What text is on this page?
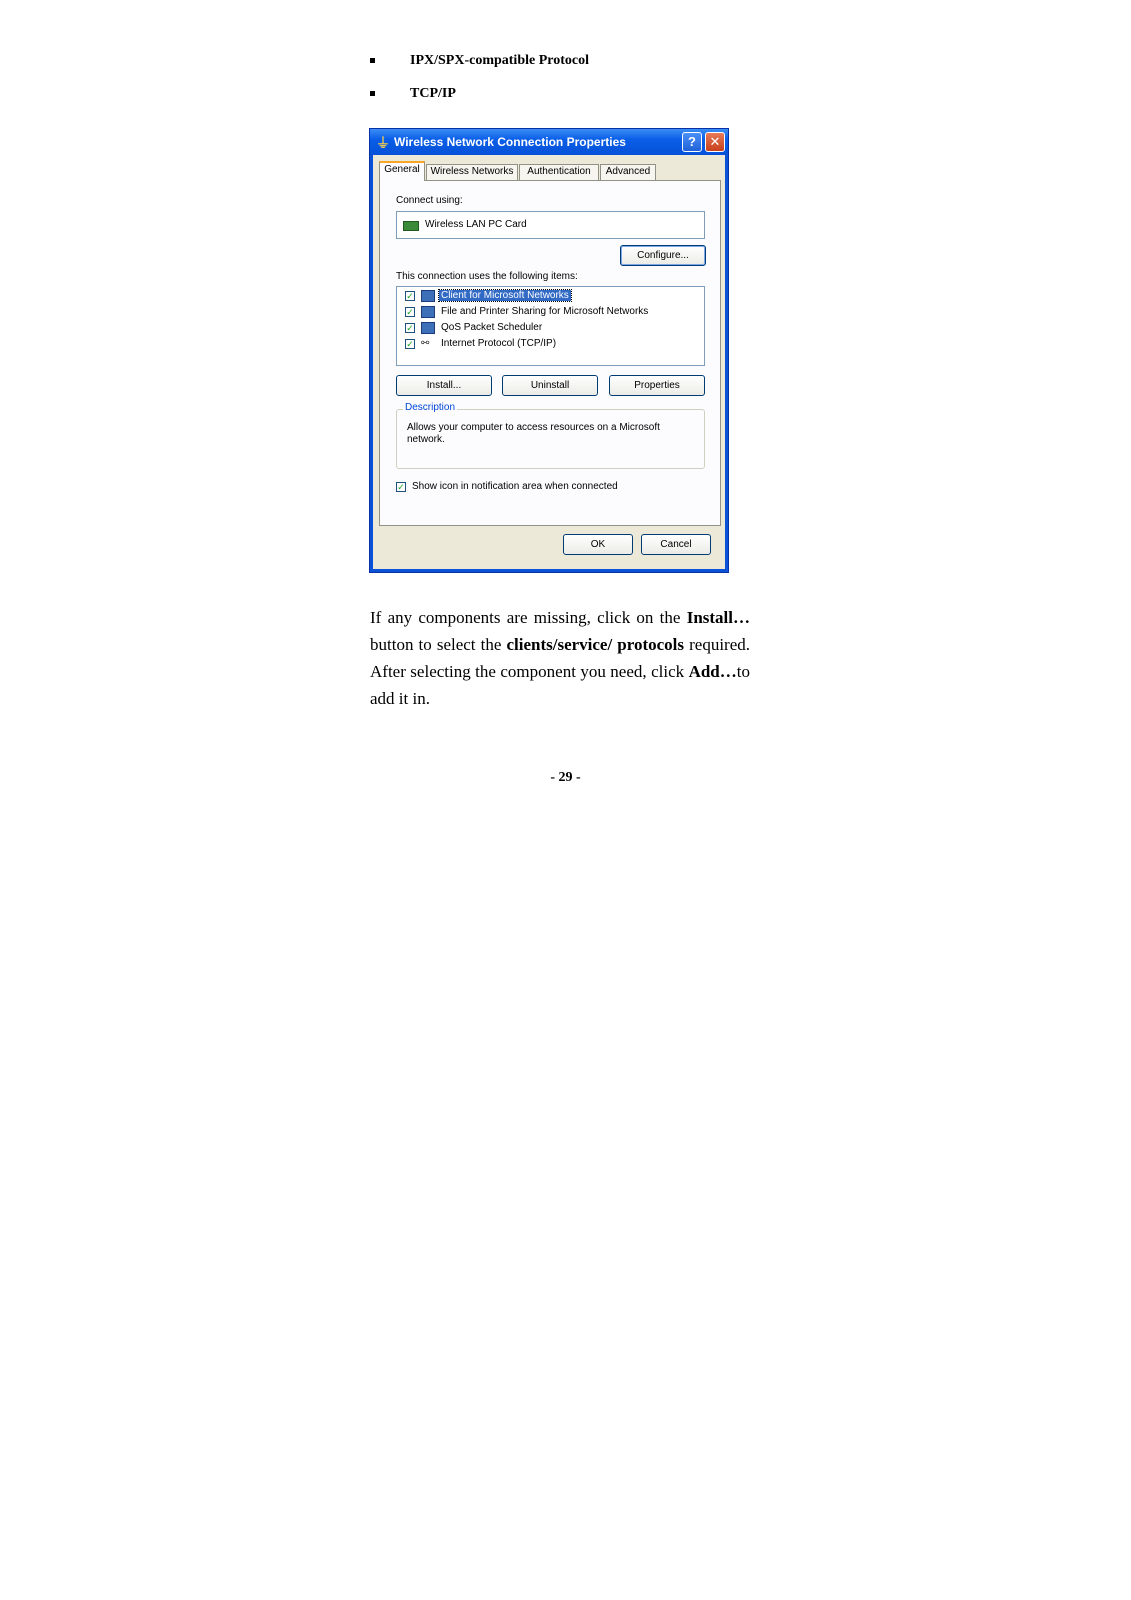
IPX/SPX-compatible Protocol
TCP/IP
⏚ Wireless Network Connection Properties	?	✕
General	Wireless Networks	Authentication	Advanced
Connect using:
Wireless LAN PC Card
Configure...
This connection uses the following items:
✓	Client for Microsoft Networks
✓	File and Printer Sharing for Microsoft Networks
✓	QoS Packet Scheduler
✓ ⚯	Internet Protocol (TCP/IP)
Install...	Uninstall	Properties
Description
Allows your computer to access resources on a Microsoft network.
✓ Show icon in notification area when connected
OK	Cancel
If any components are missing, click on the Install…button to select the clients/service/ protocols required. After selecting the component you need, click Add…to add it in.
- 29 -
